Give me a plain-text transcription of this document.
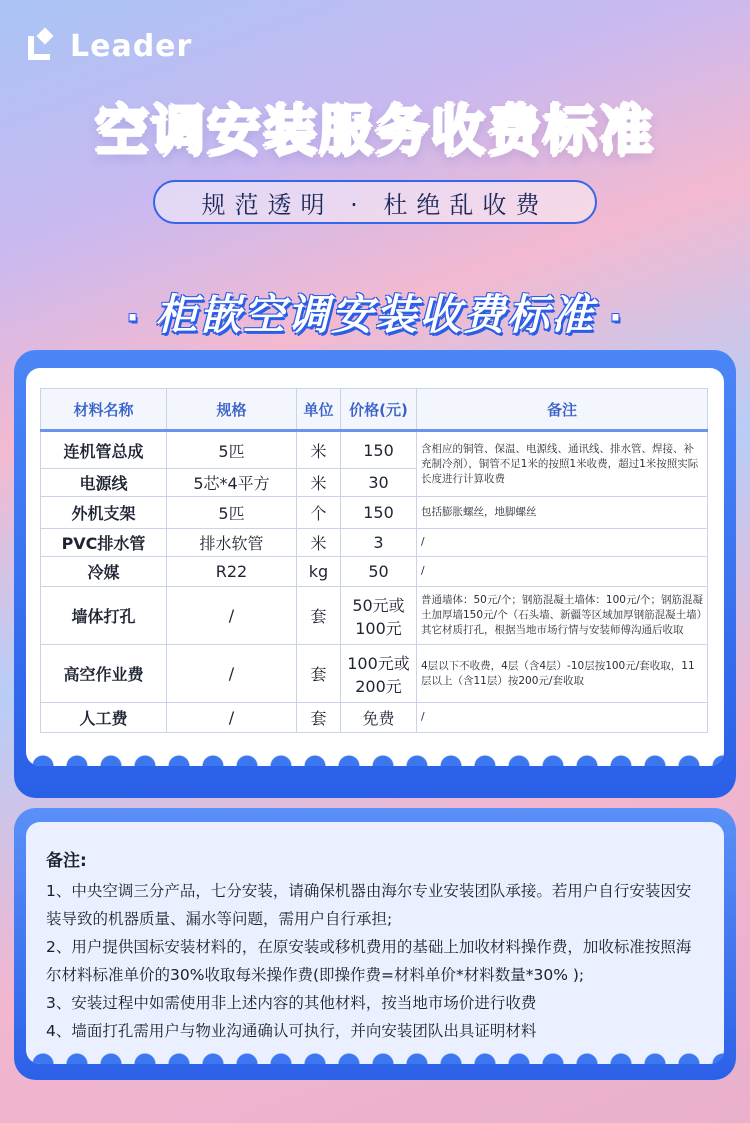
Leader
空调安装服务收费标准
规范透明 · 杜绝乱收费
· 柜嵌空调安装收费标准 ·
材料名称	规格	单位	价格(元)	备注
连机管总成	5匹	米	150	含相应的铜管、保温、电源线、通讯线、排水管、焊接、补充制冷剂），铜管不足1米的按照1米收费，超过1米按照实际长度进行计算收费
电源线	5芯*4平方	米	30	
外机支架	5匹	个	150	包括膨胀螺丝，地脚螺丝
PVC排水管	排水软管	米	3	/
冷媒	R22	kg	50	/
墙体打孔	/	套	50元或100元	普通墙体：50元/个；钢筋混凝土墙体：100元/个；钢筋混凝土加厚墙150元/个（石头墙、新疆等区域加厚钢筋混凝土墙）其它材质打孔，根据当地市场行情与安装师傅沟通后收取
高空作业费	/	套	100元或200元	4层以下不收费，4层（含4层）-10层按100元/套收取，11层以上（含11层）按200元/套收取
人工费	/	套	免费	/
备注:
1、中央空调三分产品，七分安装，请确保机器由海尔专业安装团队承接。若用户自行安装因安装导致的机器质量、漏水等问题，需用户自行承担;
2、用户提供国标安装材料的，在原安装或移机费用的基础上加收材料操作费，加收标准按照海尔材料标准单价的30%收取每米操作费(即操作费=材料单价*材料数量*30% );
3、安装过程中如需使用非上述内容的其他材料，按当地市场价进行收费
4、墙面打孔需用户与物业沟通确认可执行，并向安装团队出具证明材料
